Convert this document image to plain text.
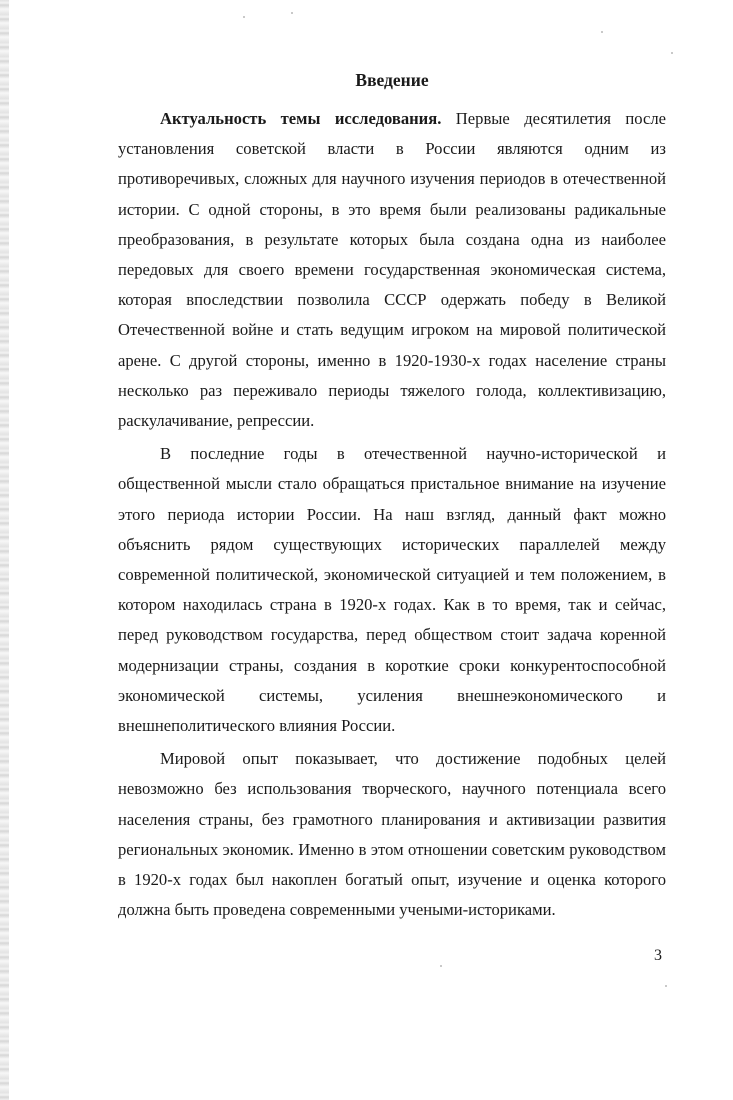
Введение

Актуальность темы исследования. Первые десятилетия после установления советской власти в России являются одним из противоречивых, сложных для научного изучения периодов в отечественной истории. С одной стороны, в это время были реализованы радикальные преобразования, в результате которых была создана одна из наиболее передовых для своего времени государственная экономическая система, которая впоследствии позволила СССР одержать победу в Великой Отечественной войне и стать ведущим игроком на мировой политической арене. С другой стороны, именно в 1920-1930-х годах население страны несколько раз переживало периоды тяжелого голода, коллективизацию, раскулачивание, репрессии.

В последние годы в отечественной научно-исторической и общественной мысли стало обращаться пристальное внимание на изучение этого периода истории России. На наш взгляд, данный факт можно объяснить рядом существующих исторических параллелей между современной политической, экономической ситуацией и тем положением, в котором находилась страна в 1920-х годах. Как в то время, так и сейчас, перед руководством государства, перед обществом стоит задача коренной модернизации страны, создания в короткие сроки конкурентоспособной экономической системы, усиления внешнеэкономического и внешнеполитического влияния России.

Мировой опыт показывает, что достижение подобных целей невозможно без использования творческого, научного потенциала всего населения страны, без грамотного планирования и активизации развития региональных экономик. Именно в этом отношении советским руководством в 1920-х годах был накоплен богатый опыт, изучение и оценка которого должна быть проведена современными учеными-историками.

3
